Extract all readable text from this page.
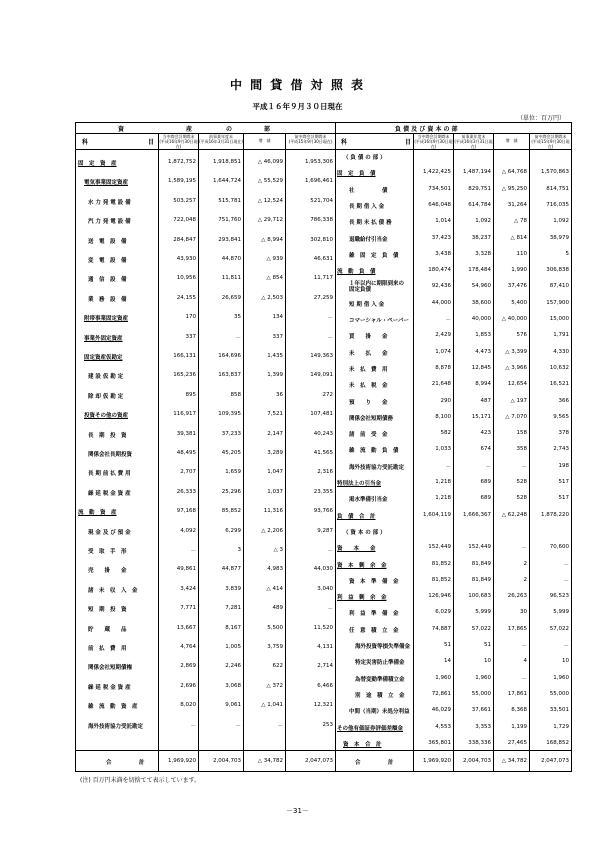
中 間 貸 借 対 照 表
平成１６年９月３０日現在
（単位：百万円）
資	産	の	部
科	目
当中間会計期間末
(平成16年9月30日現在)
前事業年度末
(平成16年3月31日現在)	増　減
前中間会計期間末
(平成15年9月30日現在)
合　　　　　計	1,969,920	2,004,703	△ 34,782	2,047,073
固　定　資　産	1,872,752	1,918,851	△ 46,099	1,953,306
電気事業固定資産	1,589,195	1,644,724	△ 55,529	1,696,461
水 力 発 電 設 備	503,257	515,781	△ 12,524	521,704
汽 力 発 電 設 備	722,048	751,760	△ 29,712	786,338
送　電　設　備	284,847	293,841	△ 8,994	302,810
変　電　設　備	43,930	44,870	△ 939	46,631
通　信　設　備	10,956	11,811	△ 854	11,717
業　務　設　備	24,155	26,659	△ 2,503	27,259
附帯事業固定資産	170	35	134	－
事業外固定資産	337	－	337	－
固定資産仮勘定	166,131	164,696	1,435	149,363
建 設 仮 勘 定	165,236	163,837	1,399	149,091
除 却 仮 勘 定	895	858	36	272
投資その他の資産	116,917	109,395	7,521	107,481
長　期　投　資	39,381	37,233	2,147	40,243
関係会社長期投資	48,495	45,205	3,289	41,565
長 期 前 払 費 用	2,707	1,659	1,047	2,316
繰 延 税 金 資 産	26,333	25,296	1,037	23,355
流　動　資　産	97,168	85,852	11,316	93,766
現 金 及 び 預 金	4,092	6,299	△ 2,206	9,287
受　取　手　形	－	3	△ 3	－
売　　掛　　金	49,861	44,877	4,983	44,030
諸　未　収　入　金	3,424	3,839	△ 414	3,040
短　期　投　資	7,771	7,281	489	－
貯　　蔵　　品	13,667	8,167	5,500	11,520
前　払　費　用	4,764	1,005	3,759	4,131
関係会社短期債権	2,869	2,246	622	2,714
繰 延 税 金 資 産	2,696	3,068	△ 372	6,466
雑　流　動　資　産	8,020	9,061	△ 1,041	12,321
海外技術協力受託勘定	－	－	－	253
負 債 及 び 資 本 の 部
科	目
当中間会計期間末
(平成16年9月30日現在)
前事業年度末
(平成16年3月31日現在)
増　減
前中間会計期間末
(平成15年9月30日現在)
合　　　　　計	1,969,920	2,004,703	△ 34,782	2,047,073
（ 負 債 の 部 ）
固　定　負　債	1,422,425	1,487,194	△ 64,768	1,570,863
社　　　　　債	734,501	829,751	△ 95,250	814,751
長 期 借 入 金	646,048	614,784	31,264	716,035
長 期 未 払 債 務	1,014	1,092	△ 78	1,092
退職給付引当金	37,423	38,237	△ 814	38,979
雑　固　定　負　債	3,438	3,328	110	5
流　動　負　債	180,474	178,484	1,990	306,838
１年以内に期限到来の固定負債
92,436	54,960	37,476	87,410
短 期 借 入 金	44,000	38,600	5,400	157,900
コマーシャル・ペーパー	－	40,000	△ 40,000	15,000
買　　掛　　金	2,429	1,853	576	1,791
未　　払　　金	1,074	4,473	△ 3,399	4,330
未　払　費　用	8,878	12,845	△ 3,966	10,632
未　払　税　金	21,648	8,994	12,654	16,521
預　　り　　金	290	487	△ 197	366
関係会社短期債務	8,100	15,171	△ 7,070	9,565
諸　前　受　金	582	423	158	378
雑　流　動　負　債	1,033	674	358	2,743
海外技術協力受託勘定	－	－	－	198
特別法上の引当金	1,218	689	528	517
渇水準備引当金	1,218	689	528	517
負　債　合　計	1,604,119	1,666,367	△ 62,248	1,878,220
（ 資 本 の 部 ）
資　　本　　金	152,449	152,449	－	70,600
資　本　剰　余　金	81,852	81,849	2	－
資　本　準　備　金	81,852	81,849	2	－
利　益　剰　余　金	126,946	100,683	26,263	96,523
利　益　準　備　金	6,029	5,999	30	5,999
任　意　積　立　金	74,887	57,022	17,865	57,022
海外投資等損失準備金	51	51	－	－
特定災害防止準備金	14	10	4	10
為替変動準備積立金	1,960	1,960	－	1,960
別　途　積　立　金	72,861	55,000	17,861	55,000
中間（当期）未処分利益	46,029	37,661	8,368	33,501
その他有価証券評価差額金	4,553	3,353	1,199	1,729
資　本　合　計	365,801	338,336	27,465	168,852
(注) 百万円未満を切捨てて表示しています。
－31－
